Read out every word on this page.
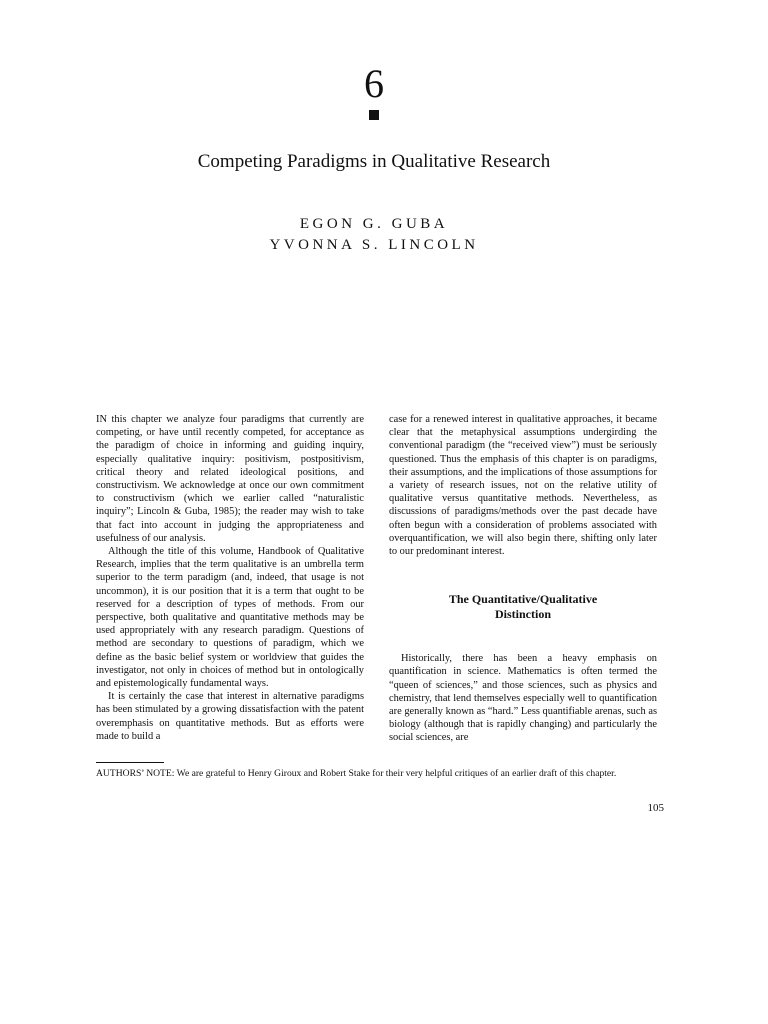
6
Competing Paradigms in Qualitative Research
EGON G. GUBA
YVONNA S. LINCOLN

IN this chapter we analyze four paradigms that currently are competing, or have until recently competed, for acceptance as the paradigm of choice in informing and guiding inquiry, especially qualitative inquiry: positivism, postpositivism, critical theory and related ideological positions, and constructivism. We acknowledge at once our own commitment to constructivism (which we earlier called “naturalistic inquiry”; Lincoln & Guba, 1985); the reader may wish to take that fact into account in judging the appropriateness and usefulness of our analysis.

Although the title of this volume, Handbook of Qualitative Research, implies that the term qualitative is an umbrella term superior to the term paradigm (and, indeed, that usage is not uncommon), it is our position that it is a term that ought to be reserved for a description of types of methods. From our perspective, both qualitative and quantitative methods may be used appropriately with any research paradigm. Questions of method are secondary to questions of paradigm, which we define as the basic belief system or worldview that guides the investigator, not only in choices of method but in ontologically and epistemologically fundamental ways.

It is certainly the case that interest in alternative paradigms has been stimulated by a growing dissatisfaction with the patent overemphasis on quantitative methods. But as efforts were made to build a

case for a renewed interest in qualitative approaches, it became clear that the metaphysical assumptions undergirding the conventional paradigm (the “received view”) must be seriously questioned. Thus the emphasis of this chapter is on paradigms, their assumptions, and the implications of those assumptions for a variety of research issues, not on the relative utility of qualitative versus quantitative methods. Nevertheless, as discussions of paradigms/methods over the past decade have often begun with a consideration of problems associated with overquantification, we will also begin there, shifting only later to our predominant interest.

The Quantitative/Qualitative
Distinction

Historically, there has been a heavy emphasis on quantification in science. Mathematics is often termed the “queen of sciences,” and those sciences, such as physics and chemistry, that lend themselves especially well to quantification are generally known as “hard.” Less quantifiable arenas, such as biology (although that is rapidly changing) and particularly the social sciences, are

AUTHORS’ NOTE: We are grateful to Henry Giroux and Robert Stake for their very helpful critiques of an earlier draft of this chapter.
105
